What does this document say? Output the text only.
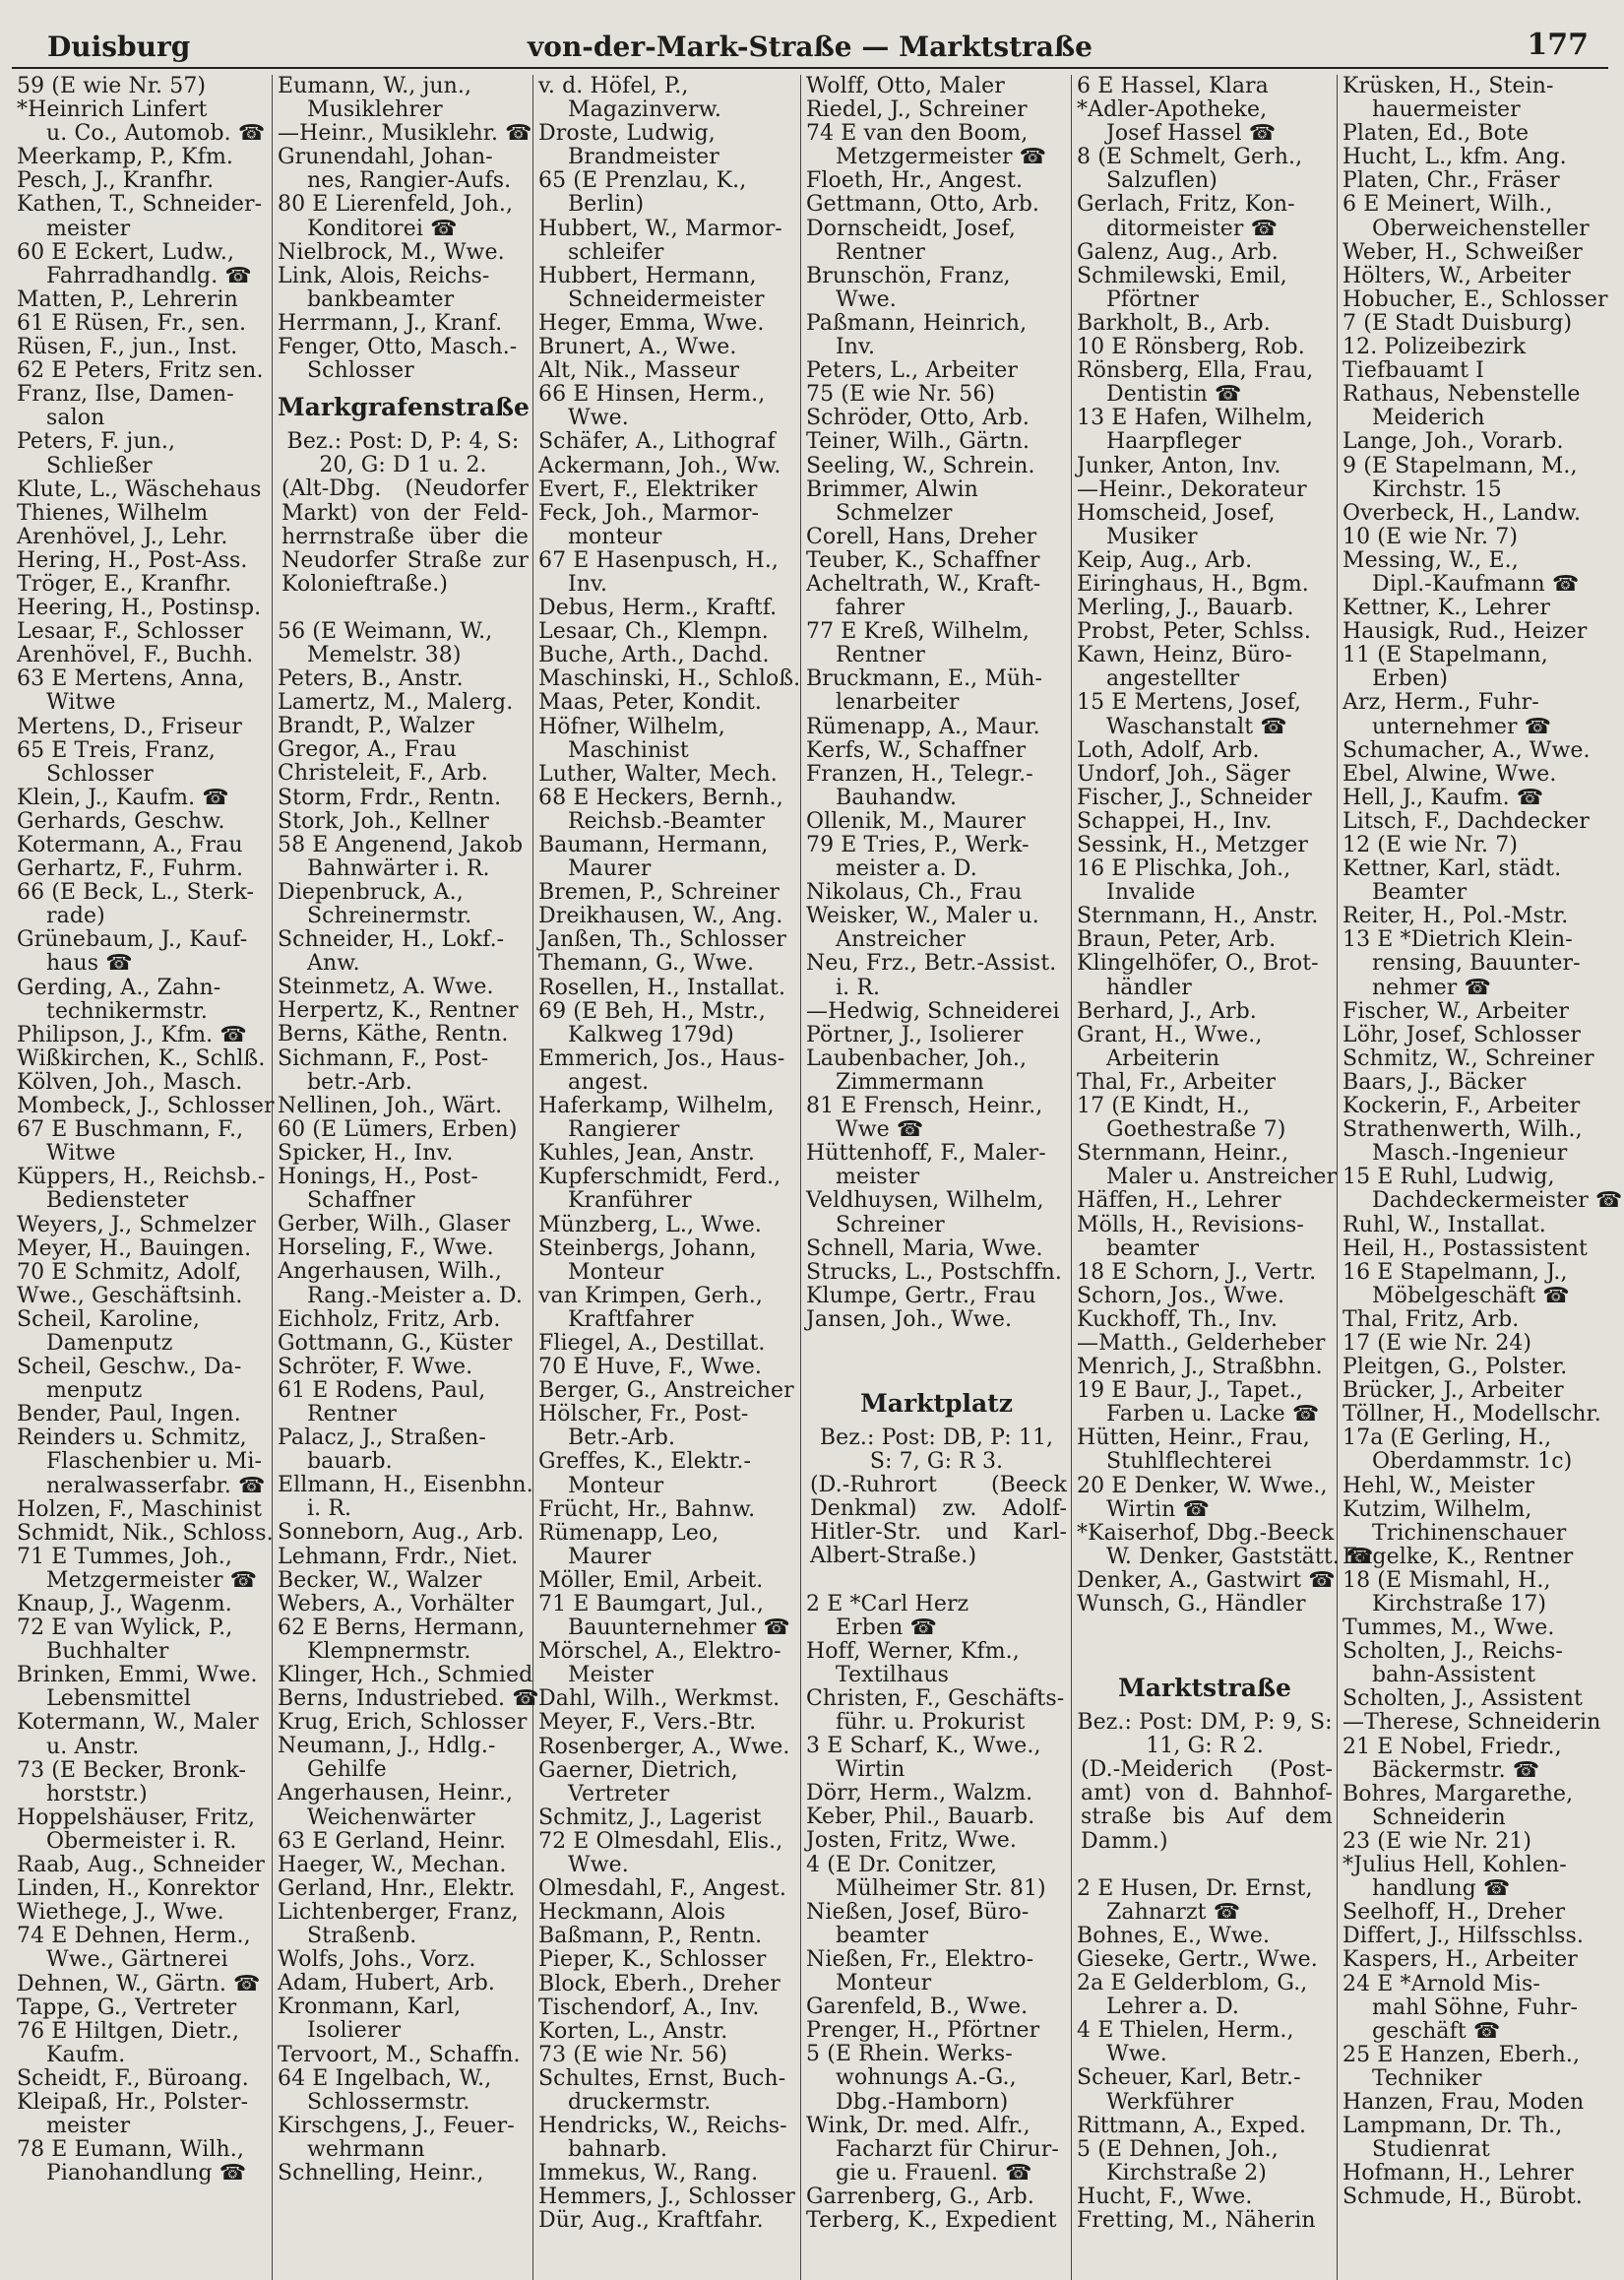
Duisburg	von-der-Mark-Straße — Marktstraße	177
59 (E wie Nr. 57)
*Heinrich Linfert
u. Co., Automob. ☎
Meerkamp, P., Kfm.
Pesch, J., Kranfhr.
Kathen, T., Schneider-
meister
60 E Eckert, Ludw.,
Fahrradhandlg. ☎
Matten, P., Lehrerin
61 E Rüsen, Fr., sen.
Rüsen, F., jun., Inst.
62 E Peters, Fritz sen.
Franz, Ilse, Damen-
salon
Peters, F. jun.,
Schließer
Klute, L., Wäschehaus
Thienes, Wilhelm
Arenhövel, J., Lehr.
Hering, H., Post-Ass.
Tröger, E., Kranfhr.
Heering, H., Postinsp.
Lesaar, F., Schlosser
Arenhövel, F., Buchh.
63 E Mertens, Anna,
Witwe
Mertens, D., Friseur
65 E Treis, Franz,
Schlosser
Klein, J., Kaufm. ☎
Gerhards, Geschw.
Kotermann, A., Frau
Gerhartz, F., Fuhrm.
66 (E Beck, L., Sterk-
rade)
Grünebaum, J., Kauf-
haus ☎
Gerding, A., Zahn-
technikermstr.
Philipson, J., Kfm. ☎
Wißkirchen, K., Schlß.
Kölven, Joh., Masch.
Mombeck, J., Schlosser
67 E Buschmann, F.,
Witwe
Küppers, H., Reichsb.-
Bediensteter
Weyers, J., Schmelzer
Meyer, H., Bauingen.
70 E Schmitz, Adolf,
Wwe., Geschäftsinh.
Scheil, Karoline,
Damenputz
Scheil, Geschw., Da-
menputz
Bender, Paul, Ingen.
Reinders u. Schmitz,
Flaschenbier u. Mi-
neralwasserfabr. ☎
Holzen, F., Maschinist
Schmidt, Nik., Schloss.
71 E Tummes, Joh.,
Metzgermeister ☎
Knaup, J., Wagenm.
72 E van Wylick, P.,
Buchhalter
Brinken, Emmi, Wwe.
Lebensmittel
Kotermann, W., Maler
u. Anstr.
73 (E Becker, Bronk-
horststr.)
Hoppelshäuser, Fritz,
Obermeister i. R.
Raab, Aug., Schneider
Linden, H., Konrektor
Wiethege, J., Wwe.
74 E Dehnen, Herm.,
Wwe., Gärtnerei
Dehnen, W., Gärtn. ☎
Tappe, G., Vertreter
76 E Hiltgen, Dietr.,
Kaufm.
Scheidt, F., Büroang.
Kleipaß, Hr., Polster-
meister
78 E Eumann, Wilh.,
Pianohandlung ☎
Eumann, W., jun.,
Musiklehrer
—Heinr., Musiklehr. ☎
Grunendahl, Johan-
nes, Rangier-Aufs.
80 E Lierenfeld, Joh.,
Konditorei ☎
Nielbrock, M., Wwe.
Link, Alois, Reichs-
bankbeamter
Herrmann, J., Kranf.
Fenger, Otto, Masch.-
Schlosser
Markgrafenstraße
Bez.: Post: D, P: 4, S: 20, G: D 1 u. 2.
(Alt-Dbg. (Neudorfer Markt) von der Feld- herrnstraße über die Neudorfer Straße zur Kolonieftraße.)
56 (E Weimann, W.,
Memelstr. 38)
Peters, B., Anstr.
Lamertz, M., Malerg.
Brandt, P., Walzer
Gregor, A., Frau
Christeleit, F., Arb.
Storm, Frdr., Rentn.
Stork, Joh., Kellner
58 E Angenend, Jakob
Bahnwärter i. R.
Diepenbruck, A.,
Schreinermstr.
Schneider, H., Lokf.-
Anw.
Steinmetz, A. Wwe.
Herpertz, K., Rentner
Berns, Käthe, Rentn.
Sichmann, F., Post-
betr.-Arb.
Nellinen, Joh., Wärt.
60 (E Lümers, Erben)
Spicker, H., Inv.
Honings, H., Post-
Schaffner
Gerber, Wilh., Glaser
Horseling, F., Wwe.
Angerhausen, Wilh.,
Rang.-Meister a. D.
Eichholz, Fritz, Arb.
Gottmann, G., Küster
Schröter, F. Wwe.
61 E Rodens, Paul,
Rentner
Palacz, J., Straßen-
bauarb.
Ellmann, H., Eisenbhn.
i. R.
Sonneborn, Aug., Arb.
Lehmann, Frdr., Niet.
Becker, W., Walzer
Webers, A., Vorhälter
62 E Berns, Hermann,
Klempnermstr.
Klinger, Hch., Schmied
Berns, Industriebed. ☎
Krug, Erich, Schlosser
Neumann, J., Hdlg.-
Gehilfe
Angerhausen, Heinr.,
Weichenwärter
63 E Gerland, Heinr.
Haeger, W., Mechan.
Gerland, Hnr., Elektr.
Lichtenberger, Franz,
Straßenb.
Wolfs, Johs., Vorz.
Adam, Hubert, Arb.
Kronmann, Karl,
Isolierer
Tervoort, M., Schaffn.
64 E Ingelbach, W.,
Schlossermstr.
Kirschgens, J., Feuer-
wehrmann
Schnelling, Heinr.,
v. d. Höfel, P.,
Magazinverw.
Droste, Ludwig,
Brandmeister
65 (E Prenzlau, K.,
Berlin)
Hubbert, W., Marmor-
schleifer
Hubbert, Hermann,
Schneidermeister
Heger, Emma, Wwe.
Brunert, A., Wwe.
Alt, Nik., Masseur
66 E Hinsen, Herm.,
Wwe.
Schäfer, A., Lithograf
Ackermann, Joh., Ww.
Evert, F., Elektriker
Feck, Joh., Marmor-
monteur
67 E Hasenpusch, H.,
Inv.
Debus, Herm., Kraftf.
Lesaar, Ch., Klempn.
Buche, Arth., Dachd.
Maschinski, H., Schloß.
Maas, Peter, Kondit.
Höfner, Wilhelm,
Maschinist
Luther, Walter, Mech.
68 E Heckers, Bernh.,
Reichsb.-Beamter
Baumann, Hermann,
Maurer
Bremen, P., Schreiner
Dreikhausen, W., Ang.
Janßen, Th., Schlosser
Themann, G., Wwe.
Rosellen, H., Installat.
69 (E Beh, H., Mstr.,
Kalkweg 179d)
Emmerich, Jos., Haus-
angest.
Haferkamp, Wilhelm,
Rangierer
Kuhles, Jean, Anstr.
Kupferschmidt, Ferd.,
Kranführer
Münzberg, L., Wwe.
Steinbergs, Johann,
Monteur
van Krimpen, Gerh.,
Kraftfahrer
Fliegel, A., Destillat.
70 E Huve, F., Wwe.
Berger, G., Anstreicher
Hölscher, Fr., Post-
Betr.-Arb.
Greffes, K., Elektr.-
Monteur
Frücht, Hr., Bahnw.
Rümenapp, Leo,
Maurer
Möller, Emil, Arbeit.
71 E Baumgart, Jul.,
Bauunternehmer ☎
Mörschel, A., Elektro-
Meister
Dahl, Wilh., Werkmst.
Meyer, F., Vers.-Btr.
Rosenberger, A., Wwe.
Gaerner, Dietrich,
Vertreter
Schmitz, J., Lagerist
72 E Olmesdahl, Elis.,
Wwe.
Olmesdahl, F., Angest.
Heckmann, Alois
Baßmann, P., Rentn.
Pieper, K., Schlosser
Block, Eberh., Dreher
Tischendorf, A., Inv.
Korten, L., Anstr.
73 (E wie Nr. 56)
Schultes, Ernst, Buch-
druckermstr.
Hendricks, W., Reichs-
bahnarb.
Immekus, W., Rang.
Hemmers, J., Schlosser
Dür, Aug., Kraftfahr.
Wolff, Otto, Maler
Riedel, J., Schreiner
74 E van den Boom,
Metzgermeister ☎
Floeth, Hr., Angest.
Gettmann, Otto, Arb.
Dornscheidt, Josef,
Rentner
Brunschön, Franz,
Wwe.
Paßmann, Heinrich,
Inv.
Peters, L., Arbeiter
75 (E wie Nr. 56)
Schröder, Otto, Arb.
Teiner, Wilh., Gärtn.
Seeling, W., Schrein.
Brimmer, Alwin
Schmelzer
Corell, Hans, Dreher
Teuber, K., Schaffner
Acheltrath, W., Kraft-
fahrer
77 E Kreß, Wilhelm,
Rentner
Bruckmann, E., Müh-
lenarbeiter
Rümenapp, A., Maur.
Kerfs, W., Schaffner
Franzen, H., Telegr.-
Bauhandw.
Ollenik, M., Maurer
79 E Tries, P., Werk-
meister a. D.
Nikolaus, Ch., Frau
Weisker, W., Maler u.
Anstreicher
Neu, Frz., Betr.-Assist.
i. R.
—Hedwig, Schneiderei
Pörtner, J., Isolierer
Laubenbacher, Joh.,
Zimmermann
81 E Frensch, Heinr.,
Wwe ☎
Hüttenhoff, F., Maler-
meister
Veldhuysen, Wilhelm,
Schreiner
Schnell, Maria, Wwe.
Strucks, L., Postschffn.
Klumpe, Gertr., Frau
Jansen, Joh., Wwe.
Marktplatz
Bez.: Post: DB, P: 11, S: 7, G: R 3.
(D.-Ruhrort (Beeck Denkmal) zw. Adolf- Hitler-Str. und Karl- Albert-Straße.)
2 E *Carl Herz
Erben ☎
Hoff, Werner, Kfm.,
Textilhaus
Christen, F., Geschäfts-
führ. u. Prokurist
3 E Scharf, K., Wwe.,
Wirtin
Dörr, Herm., Walzm.
Keber, Phil., Bauarb.
Josten, Fritz, Wwe.
4 (E Dr. Conitzer,
Mülheimer Str. 81)
Nießen, Josef, Büro-
beamter
Nießen, Fr., Elektro-
Monteur
Garenfeld, B., Wwe.
Prenger, H., Pförtner
5 (E Rhein. Werks-
wohnungs A.-G.,
Dbg.-Hamborn)
Wink, Dr. med. Alfr.,
Facharzt für Chirur-
gie u. Frauenl. ☎
Garrenberg, G., Arb.
Terberg, K., Expedient
6 E Hassel, Klara
*Adler-Apotheke,
Josef Hassel ☎
8 (E Schmelt, Gerh.,
Salzuflen)
Gerlach, Fritz, Kon-
ditormeister ☎
Galenz, Aug., Arb.
Schmilewski, Emil,
Pförtner
Barkholt, B., Arb.
10 E Rönsberg, Rob.
Rönsberg, Ella, Frau,
Dentistin ☎
13 E Hafen, Wilhelm,
Haarpfleger
Junker, Anton, Inv.
—Heinr., Dekorateur
Homscheid, Josef,
Musiker
Keip, Aug., Arb.
Eiringhaus, H., Bgm.
Merling, J., Bauarb.
Probst, Peter, Schlss.
Kawn, Heinz, Büro-
angestellter
15 E Mertens, Josef,
Waschanstalt ☎
Loth, Adolf, Arb.
Undorf, Joh., Säger
Fischer, J., Schneider
Schappei, H., Inv.
Sessink, H., Metzger
16 E Plischka, Joh.,
Invalide
Sternmann, H., Anstr.
Braun, Peter, Arb.
Klingelhöfer, O., Brot-
händler
Berhard, J., Arb.
Grant, H., Wwe.,
Arbeiterin
Thal, Fr., Arbeiter
17 (E Kindt, H.,
Goethestraße 7)
Sternmann, Heinr.,
Maler u. Anstreicher
Häffen, H., Lehrer
Mölls, H., Revisions-
beamter
18 E Schorn, J., Vertr.
Schorn, Jos., Wwe.
Kuckhoff, Th., Inv.
—Matth., Gelderheber
Menrich, J., Straßbhn.
19 E Baur, J., Tapet.,
Farben u. Lacke ☎
Hütten, Heinr., Frau,
Stuhlflechterei
20 E Denker, W. Wwe.,
Wirtin ☎
*Kaiserhof, Dbg.-Beeck
W. Denker, Gaststätt. ☎
Denker, A., Gastwirt ☎
Wunsch, G., Händler
Marktstraße
Bez.: Post: DM, P: 9, S: 11, G: R 2.
(D.-Meiderich (Post- amt) von d. Bahnhof- straße bis Auf dem Damm.)
2 E Husen, Dr. Ernst,
Zahnarzt ☎
Bohnes, E., Wwe.
Gieseke, Gertr., Wwe.
2a E Gelderblom, G.,
Lehrer a. D.
4 E Thielen, Herm.,
Wwe.
Scheuer, Karl, Betr.-
Werkführer
Rittmann, A., Exped.
5 (E Dehnen, Joh.,
Kirchstraße 2)
Hucht, F., Wwe.
Fretting, M., Näherin
Krüsken, H., Stein-
hauermeister
Platen, Ed., Bote
Hucht, L., kfm. Ang.
Platen, Chr., Fräser
6 E Meinert, Wilh.,
Oberweichensteller
Weber, H., Schweißer
Hölters, W., Arbeiter
Hobucher, E., Schlosser
7 (E Stadt Duisburg)
12. Polizeibezirk
Tiefbauamt I
Rathaus, Nebenstelle
Meiderich
Lange, Joh., Vorarb.
9 (E Stapelmann, M.,
Kirchstr. 15
Overbeck, H., Landw.
10 (E wie Nr. 7)
Messing, W., E.,
Dipl.-Kaufmann ☎
Kettner, K., Lehrer
Hausigk, Rud., Heizer
11 (E Stapelmann,
Erben)
Arz, Herm., Fuhr-
unternehmer ☎
Schumacher, A., Wwe.
Ebel, Alwine, Wwe.
Hell, J., Kaufm. ☎
Litsch, F., Dachdecker
12 (E wie Nr. 7)
Kettner, Karl, städt.
Beamter
Reiter, H., Pol.-Mstr.
13 E *Dietrich Klein-
rensing, Bauunter-
nehmer ☎
Fischer, W., Arbeiter
Löhr, Josef, Schlosser
Schmitz, W., Schreiner
Baars, J., Bäcker
Kockerin, F., Arbeiter
Strathenwerth, Wilh.,
Masch.-Ingenieur
15 E Ruhl, Ludwig,
Dachdeckermeister ☎
Ruhl, W., Installat.
Heil, H., Postassistent
16 E Stapelmann, J.,
Möbelgeschäft ☎
Thal, Fritz, Arb.
17 (E wie Nr. 24)
Pleitgen, G., Polster.
Brücker, J., Arbeiter
Töllner, H., Modellschr.
17a (E Gerling, H.,
Oberdammstr. 1c)
Hehl, W., Meister
Kutzim, Wilhelm,
Trichinenschauer
Engelke, K., Rentner
18 (E Mismahl, H.,
Kirchstraße 17)
Tummes, M., Wwe.
Scholten, J., Reichs-
bahn-Assistent
Scholten, J., Assistent
—Therese, Schneiderin
21 E Nobel, Friedr.,
Bäckermstr. ☎
Bohres, Margarethe,
Schneiderin
23 (E wie Nr. 21)
*Julius Hell, Kohlen-
handlung ☎
Seelhoff, H., Dreher
Differt, J., Hilfsschlss.
Kaspers, H., Arbeiter
24 E *Arnold Mis-
mahl Söhne, Fuhr-
geschäft ☎
25 E Hanzen, Eberh.,
Techniker
Hanzen, Frau, Moden
Lampmann, Dr. Th.,
Studienrat
Hofmann, H., Lehrer
Schmude, H., Bürobt.
